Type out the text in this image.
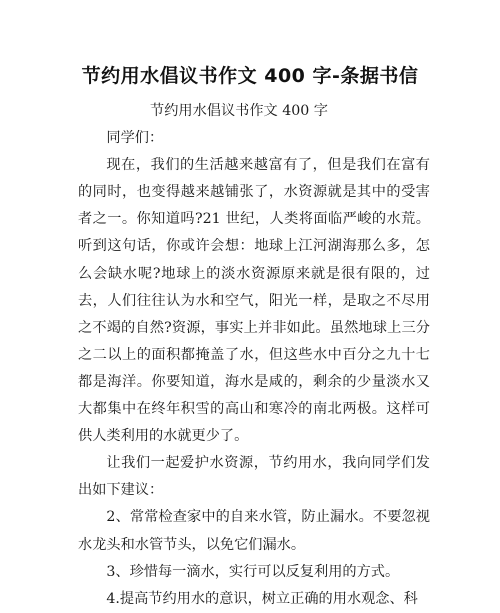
节约用水倡议书作文 400 字-条据书信

节约用水倡议书作文 400 字

同学们：

现在，我们的生活越来越富有了，但是我们在富有的同时，也变得越来越铺张了，水资源就是其中的受害者之一。你知道吗?21 世纪，人类将面临严峻的水荒。听到这句话，你或许会想：地球上江河湖海那么多，怎么会缺水呢?地球上的淡水资源原来就是很有限的，过去，人们往往认为水和空气，阳光一样，是取之不尽用之不竭的自然?资源，事实上并非如此。虽然地球上三分之二以上的面积都掩盖了水，但这些水中百分之九十七都是海洋。你要知道，海水是咸的，剩余的少量淡水又大都集中在终年积雪的高山和寒冷的南北两极。这样可供人类利用的水就更少了。

让我们一起爱护水资源，节约用水，我向同学们发出如下建议：

2、常常检查家中的自来水管，防止漏水。不要忽视水龙头和水管节头，以免它们漏水。

3、珍惜每一滴水，实行可以反复利用的方式。

4.提高节约用水的意识，树立正确的用水观念、科
